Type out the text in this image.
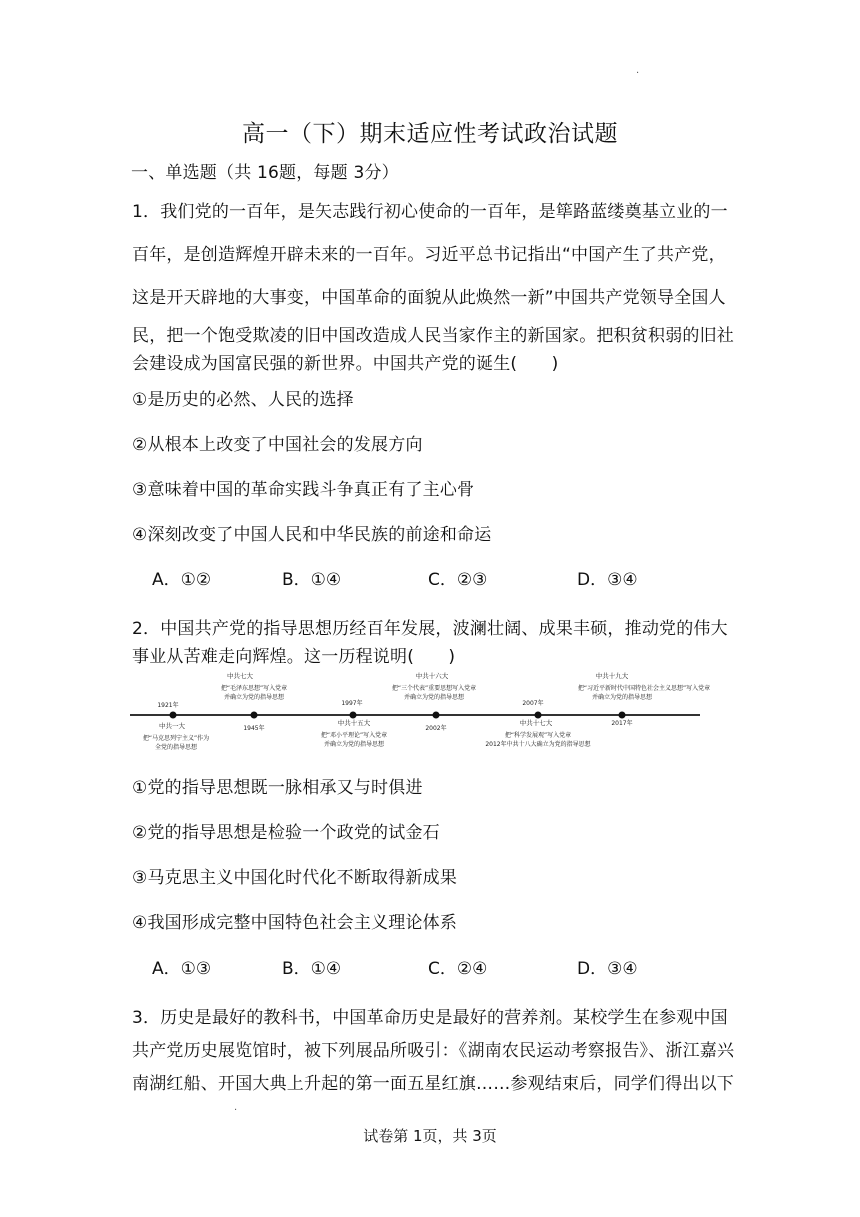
·
高一（下）期末适应性考试政治试题
一、单选题（共 16题，每题 3分）
1．我们党的一百年，是矢志践行初心使命的一百年，是筚路蓝缕奠基立业的一
百年，是创造辉煌开辟未来的一百年。习近平总书记指出“中国产生了共产党，
这是开天辟地的大事变，中国革命的面貌从此焕然一新”中国共产党领导全国人
民，把一个饱受欺凌的旧中国改造成人民当家作主的新国家。把积贫积弱的旧社
会建设成为国富民强的新世界。中国共产党的诞生(　　)
①是历史的必然、人民的选择
②从根本上改变了中国社会的发展方向
③意味着中国的革命实践斗争真正有了主心骨
④深刻改变了中国人民和中华民族的前途和命运
A．①②	B．①④	C．②③	D．③④
2．中国共产党的指导思想历经百年发展，波澜壮阔、成果丰硕，推动党的伟大
事业从苦难走向辉煌。这一历程说明(　　)
中共七大
把“毛泽东思想”写入党章
并确立为党的指导思想
中共十六大
把“三个代表”重要思想写入党章
并确立为党的指导思想
中共十九大
把“习近平新时代中国特色社会主义思想”写入党章
并确立为党的指导思想
1921年	1997年	2007年
1945年	2002年
2017年
中共一大
把“马克思列宁主义”作为
全党的指导思想
中共十五大
把“邓小平理论”写入党章
并确立为党的指导思想
中共十七大
把“科学发展观”写入党章
2012年中共十八大确立为党的指导思想
①党的指导思想既一脉相承又与时俱进
②党的指导思想是检验一个政党的试金石
③马克思主义中国化时代化不断取得新成果
④我国形成完整中国特色社会主义理论体系
A．①③	B．①④	C．②④	D．③④
3．历史是最好的教科书，中国革命历史是最好的营养剂。某校学生在参观中国
共产党历史展览馆时，被下列展品所吸引：《湖南农民运动考察报告》、浙江嘉兴
南湖红船、开国大典上升起的第一面五星红旗……参观结束后，同学们得出以下
·
试卷第 1页，共 3页
